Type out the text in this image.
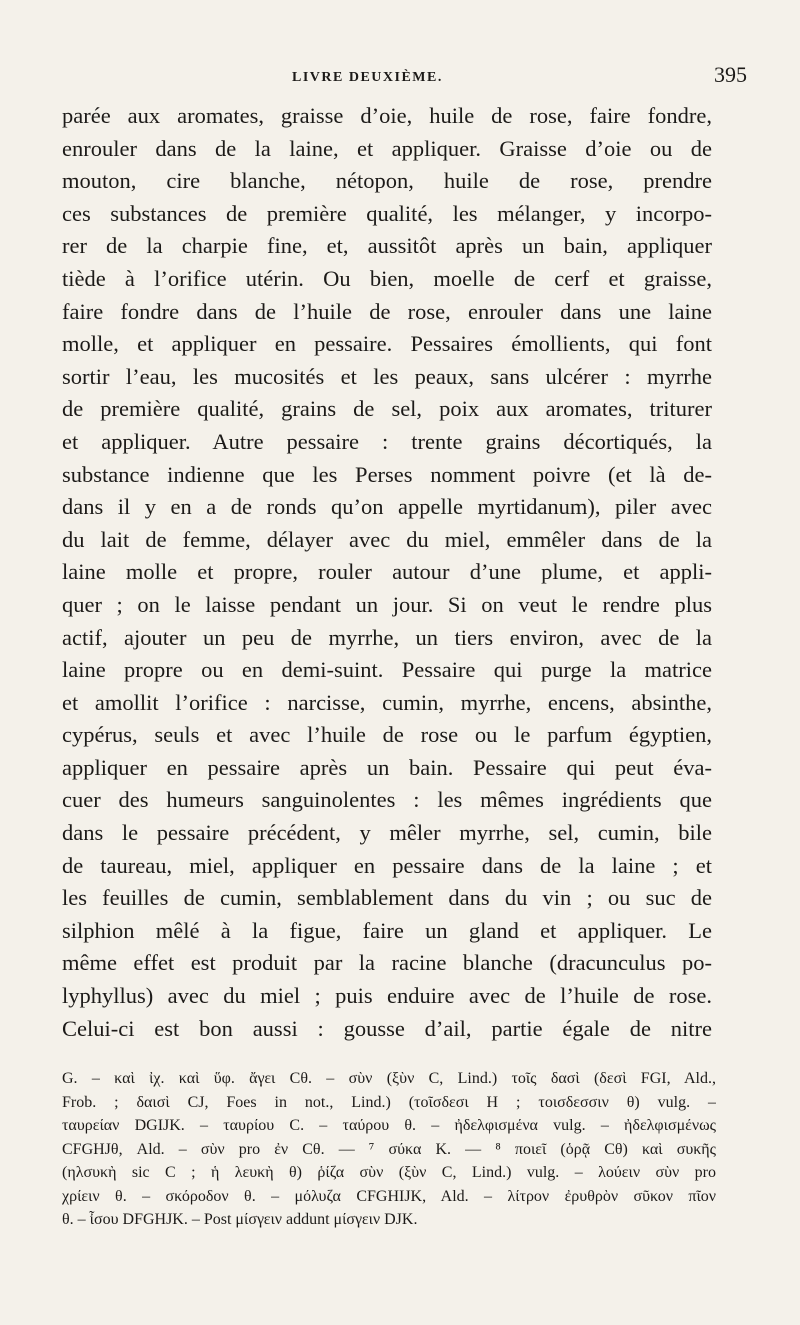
LIVRE DEUXIÈME.	395
parée aux aromates, graisse d’oie, huile de rose, faire fondre,
enrouler dans de la laine, et appliquer. Graisse d’oie ou de
mouton, cire blanche, nétopon, huile de rose, prendre
ces substances de première qualité, les mélanger, y incorpo-
rer de la charpie fine, et, aussitôt après un bain, appliquer
tiède à l’orifice utérin. Ou bien, moelle de cerf et graisse,
faire fondre dans de l’huile de rose, enrouler dans une laine
molle, et appliquer en pessaire. Pessaires émollients, qui font
sortir l’eau, les mucosités et les peaux, sans ulcérer : myrrhe
de première qualité, grains de sel, poix aux aromates, triturer
et appliquer. Autre pessaire : trente grains décortiqués, la
substance indienne que les Perses nomment poivre (et là de-
dans il y en a de ronds qu’on appelle myrtidanum), piler avec
du lait de femme, délayer avec du miel, emmêler dans de la
laine molle et propre, rouler autour d’une plume, et appli-
quer ; on le laisse pendant un jour. Si on veut le rendre plus
actif, ajouter un peu de myrrhe, un tiers environ, avec de la
laine propre ou en demi-suint. Pessaire qui purge la matrice
et amollit l’orifice : narcisse, cumin, myrrhe, encens, absinthe,
cypérus, seuls et avec l’huile de rose ou le parfum égyptien,
appliquer en pessaire après un bain. Pessaire qui peut éva-
cuer des humeurs sanguinolentes : les mêmes ingrédients que
dans le pessaire précédent, y mêler myrrhe, sel, cumin, bile
de taureau, miel, appliquer en pessaire dans de la laine ; et
les feuilles de cumin, semblablement dans du vin ; ou suc de
silphion mêlé à la figue, faire un gland et appliquer. Le
même effet est produit par la racine blanche (dracunculus po-
lyphyllus) avec du miel ; puis enduire avec de l’huile de rose.
Celui-ci est bon aussi : gousse d’ail, partie égale de nitre
G. – καὶ ἰχ. καὶ ὕφ. ἄγει Cθ. – σὺν (ξὺν C, Lind.) τοῖς δασὶ (δεσὶ FGI, Ald.,
Frob. ; δαισὶ CJ, Foes in not., Lind.) (τοῖσδεσι H ; τοισδεσσιν θ) vulg. –
ταυρείαν DGIJK. – ταυρίου C. – ταύρου θ. – ἠδελφισμένα vulg. – ἠδελφισμένως
CFGHJθ, Ald. – σὺν pro ἐν Cθ. — ⁷ σύκα K. — ⁸ ποιεῖ (ὁρᾷ Cθ) καὶ συκῆς
(ηλσυκὴ sic C ; ἡ λευκὴ θ) ῥίζα σὺν (ξὺν C, Lind.) vulg. – λούειν σὺν pro
χρίειν θ. – σκόροδον θ. – μόλυζα CFGHIJK, Ald. – λίτρον ἐρυθρὸν σῦκον πῖον
θ. – ἶσου DFGHJK. – Post μίσγειν addunt μίσγειν DJK.
